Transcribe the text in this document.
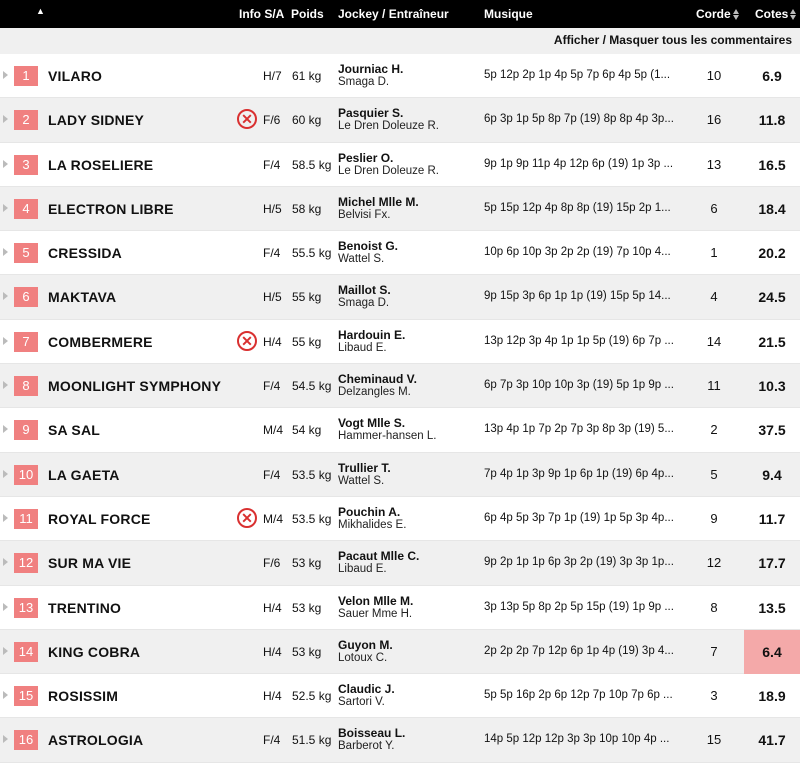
▲	Info S/A Poids Jockey / Entraîneur	Musique	Corde	Cotes
Afficher / Masquer tous les commentaires
1	VILARO	H/7 61 kg Journiac H.
Smaga D.
5p 12p 2p 1p 4p 5p 7p 6p 4p 5p (1...	10	6.9
2	LADY SIDNEY	✕ F/6 60 kg Pasquier S.
Le Dren Doleuze R.
6p 3p 1p 5p 8p 7p (19) 8p 8p 4p 3p...	16	11.8
3	LA ROSELIERE	F/4 58.5 kg Peslier O.
Le Dren Doleuze R.
9p 1p 9p 11p 4p 12p 6p (19) 1p 3p ...	13	16.5
4	ELECTRON LIBRE	H/5 58 kg Michel Mlle M.
Belvisi Fx.
5p 15p 12p 4p 8p 8p (19) 15p 2p 1...	6	18.4
5	CRESSIDA	F/4 55.5 kg Benoist G.
Wattel S.
10p 6p 10p 3p 2p 2p (19) 7p 10p 4...	1	20.2
6	MAKTAVA	H/5 55 kg Maillot S.
Smaga D.
9p 15p 3p 6p 1p 1p (19) 15p 5p 14...	4	24.5
7	COMBERMERE	✕ H/4 55 kg Hardouin E.
Libaud E.
13p 12p 3p 4p 1p 1p 5p (19) 6p 7p ...	14	21.5
8	MOONLIGHT SYMPHONY	F/4 54.5 kg Cheminaud V.
Delzangles M.
6p 7p 3p 10p 10p 3p (19) 5p 1p 9p ...	11	10.3
9	SA SAL	M/4 54 kg Vogt Mlle S.
Hammer-hansen L.
13p 4p 1p 7p 2p 7p 3p 8p 3p (19) 5...	2	37.5
10	LA GAETA	F/4 53.5 kg Trullier T.
Wattel S.
7p 4p 1p 3p 9p 1p 6p 1p (19) 6p 4p...	5	9.4
11	ROYAL FORCE	✕ M/4 53.5 kg Pouchin A.
Mikhalides E.
6p 4p 5p 3p 7p 1p (19) 1p 5p 3p 4p...	9	11.7
12	SUR MA VIE	F/6 53 kg Pacaut Mlle C.
Libaud E.
9p 2p 1p 1p 6p 3p 2p (19) 3p 3p 1p...	12	17.7
13	TRENTINO	H/4 53 kg Velon Mlle M.
Sauer Mme H.
3p 13p 5p 8p 2p 5p 15p (19) 1p 9p ...	8	13.5
14	KING COBRA	H/4 53 kg Guyon M.
Lotoux C.
2p 2p 2p 7p 12p 6p 1p 4p (19) 3p 4...	7	6.4
15	ROSISSIM	H/4 52.5 kg Claudic J.
Sartori V.
5p 5p 16p 2p 6p 12p 7p 10p 7p 6p ...	3	18.9
16	ASTROLOGIA	F/4 51.5 kg Boisseau L.
Barberot Y.
14p 5p 12p 12p 3p 3p 10p 10p 4p ...	15	41.7
